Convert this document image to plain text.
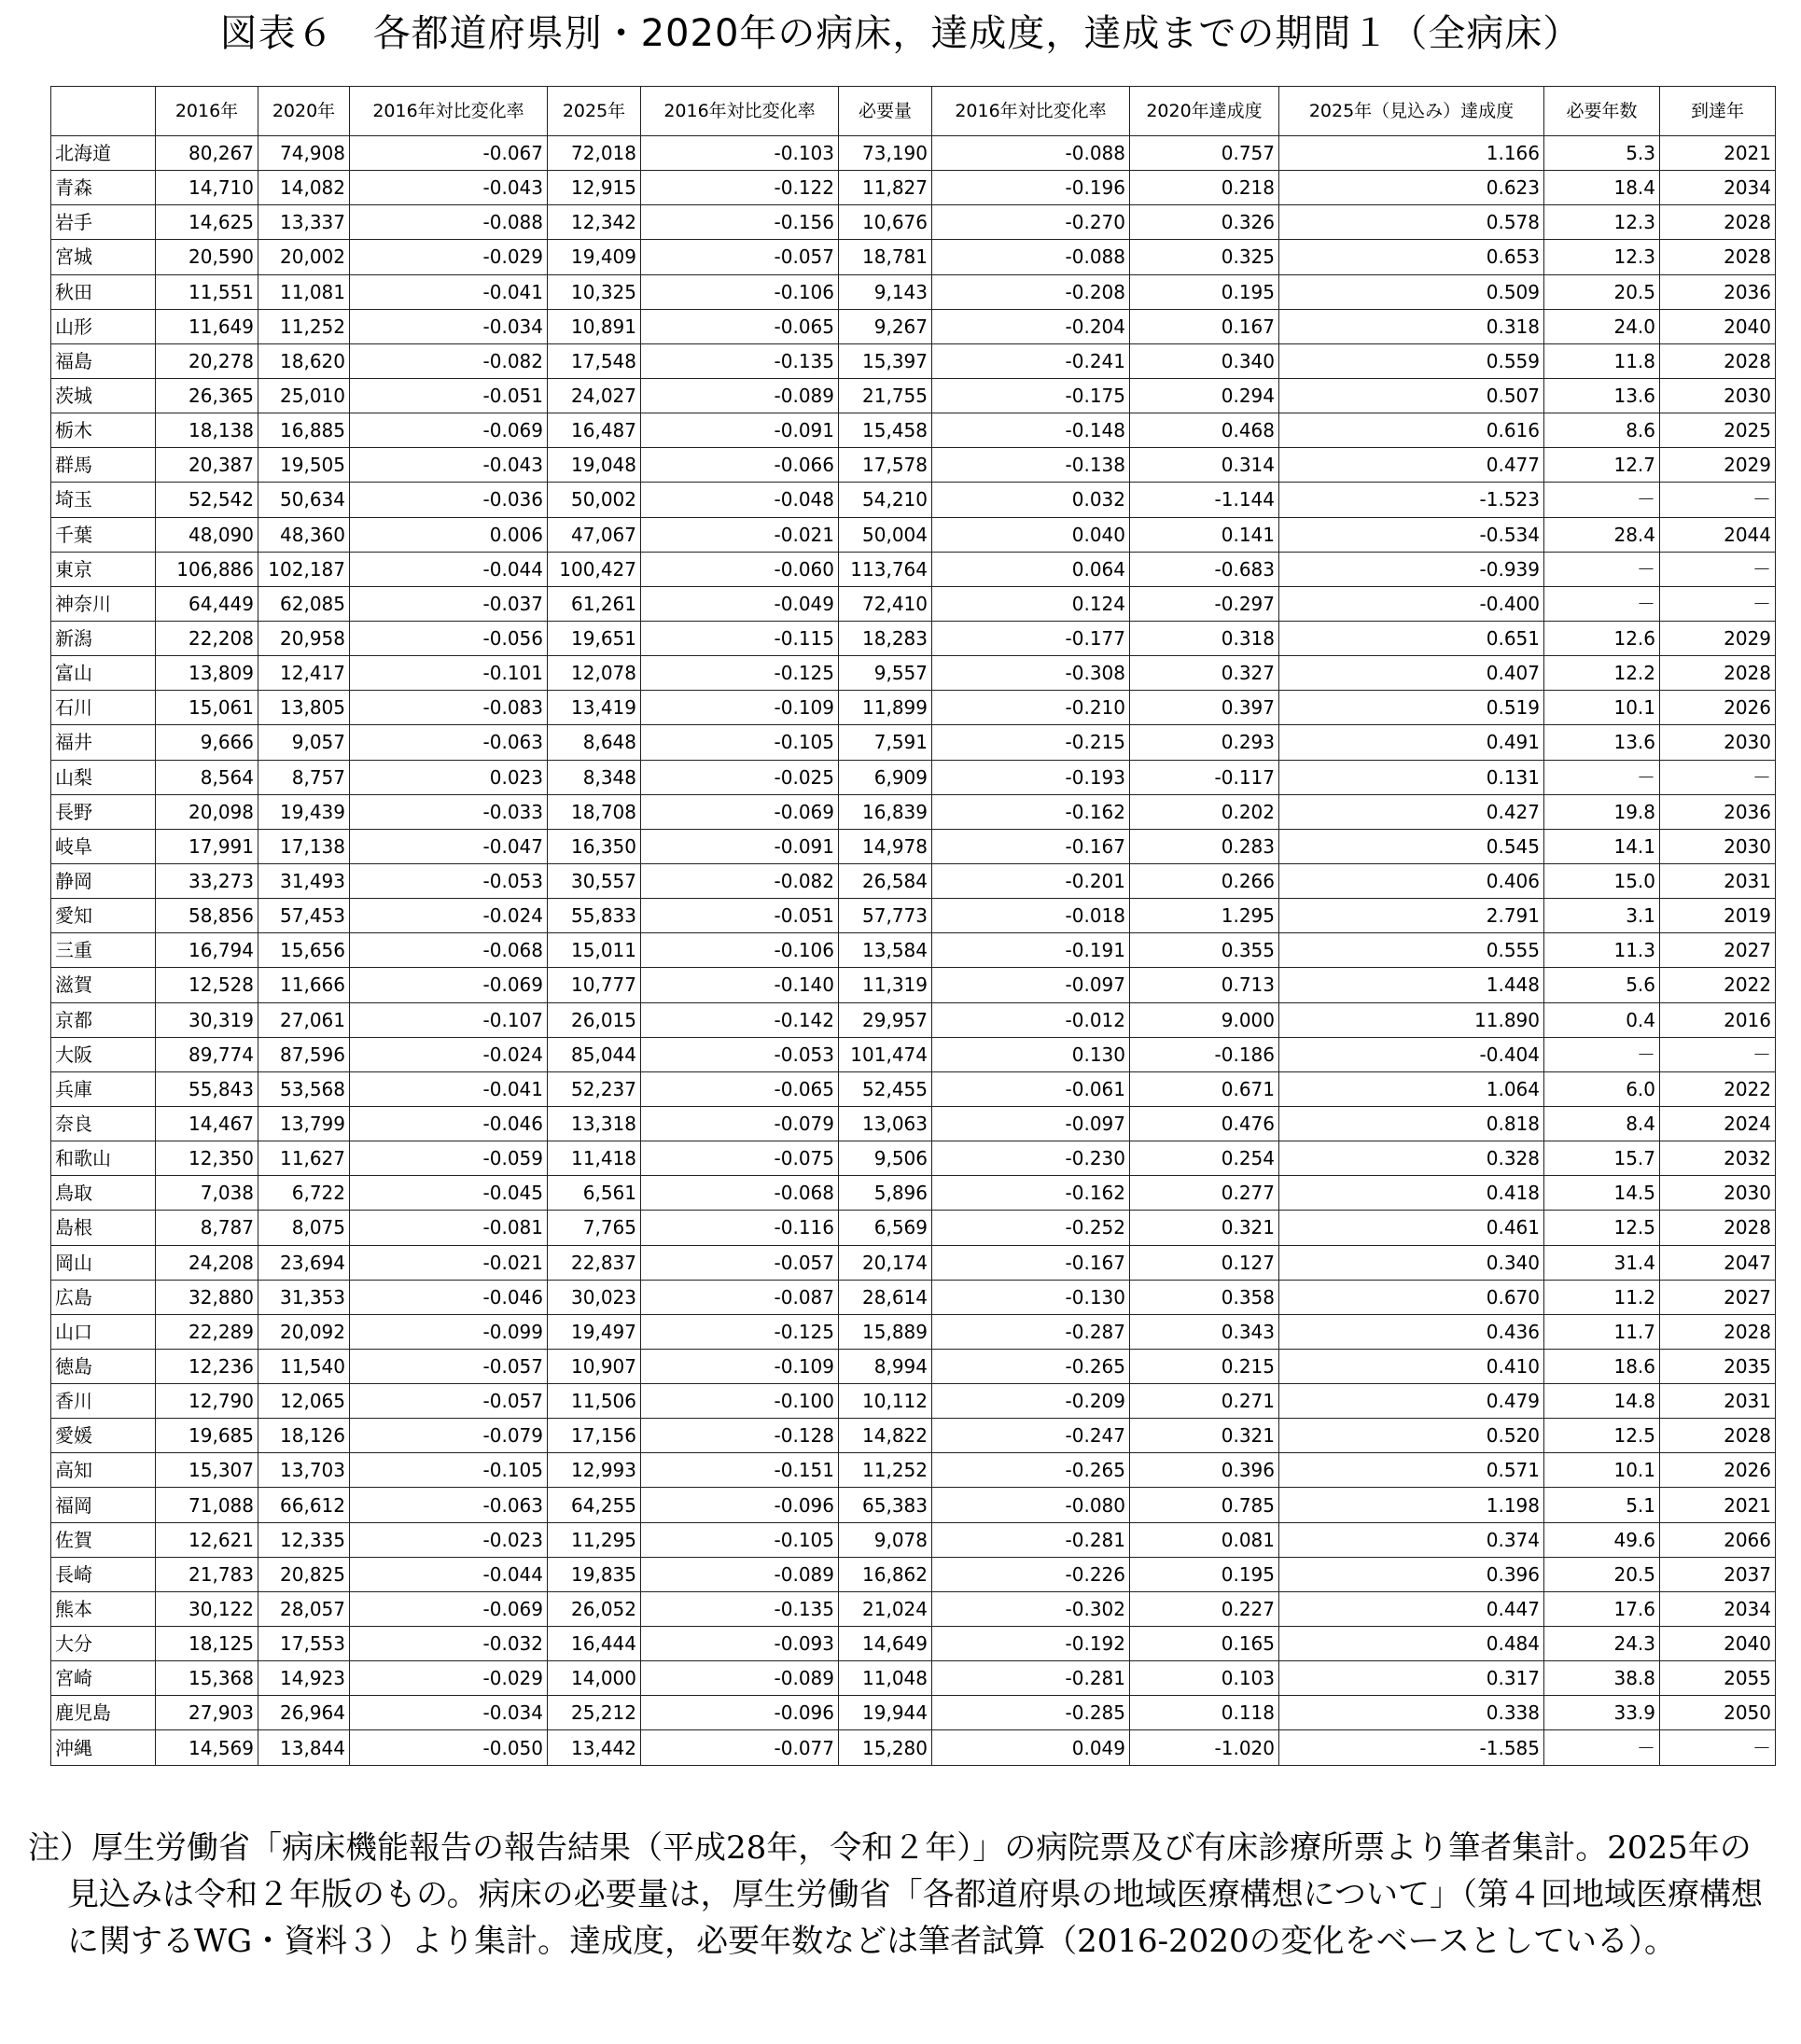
図表６　各都道府県別・2020年の病床，達成度，達成までの期間１（全病床）
	2016年	2020年	2016年対比変化率	2025年	2016年対比変化率	必要量	2016年対比変化率	2020年達成度	2025年（見込み）達成度	必要年数	到達年
北海道	80,267	74,908	-0.067	72,018	-0.103	73,190	-0.088	0.757	1.166	5.3	2021
青森	14,710	14,082	-0.043	12,915	-0.122	11,827	-0.196	0.218	0.623	18.4	2034
岩手	14,625	13,337	-0.088	12,342	-0.156	10,676	-0.270	0.326	0.578	12.3	2028
宮城	20,590	20,002	-0.029	19,409	-0.057	18,781	-0.088	0.325	0.653	12.3	2028
秋田	11,551	11,081	-0.041	10,325	-0.106	9,143	-0.208	0.195	0.509	20.5	2036
山形	11,649	11,252	-0.034	10,891	-0.065	9,267	-0.204	0.167	0.318	24.0	2040
福島	20,278	18,620	-0.082	17,548	-0.135	15,397	-0.241	0.340	0.559	11.8	2028
茨城	26,365	25,010	-0.051	24,027	-0.089	21,755	-0.175	0.294	0.507	13.6	2030
栃木	18,138	16,885	-0.069	16,487	-0.091	15,458	-0.148	0.468	0.616	8.6	2025
群馬	20,387	19,505	-0.043	19,048	-0.066	17,578	-0.138	0.314	0.477	12.7	2029
埼玉	52,542	50,634	-0.036	50,002	-0.048	54,210	0.032	-1.144	-1.523	－	－
千葉	48,090	48,360	0.006	47,067	-0.021	50,004	0.040	0.141	-0.534	28.4	2044
東京	106,886	102,187	-0.044	100,427	-0.060	113,764	0.064	-0.683	-0.939	－	－
神奈川	64,449	62,085	-0.037	61,261	-0.049	72,410	0.124	-0.297	-0.400	－	－
新潟	22,208	20,958	-0.056	19,651	-0.115	18,283	-0.177	0.318	0.651	12.6	2029
富山	13,809	12,417	-0.101	12,078	-0.125	9,557	-0.308	0.327	0.407	12.2	2028
石川	15,061	13,805	-0.083	13,419	-0.109	11,899	-0.210	0.397	0.519	10.1	2026
福井	9,666	9,057	-0.063	8,648	-0.105	7,591	-0.215	0.293	0.491	13.6	2030
山梨	8,564	8,757	0.023	8,348	-0.025	6,909	-0.193	-0.117	0.131	－	－
長野	20,098	19,439	-0.033	18,708	-0.069	16,839	-0.162	0.202	0.427	19.8	2036
岐阜	17,991	17,138	-0.047	16,350	-0.091	14,978	-0.167	0.283	0.545	14.1	2030
静岡	33,273	31,493	-0.053	30,557	-0.082	26,584	-0.201	0.266	0.406	15.0	2031
愛知	58,856	57,453	-0.024	55,833	-0.051	57,773	-0.018	1.295	2.791	3.1	2019
三重	16,794	15,656	-0.068	15,011	-0.106	13,584	-0.191	0.355	0.555	11.3	2027
滋賀	12,528	11,666	-0.069	10,777	-0.140	11,319	-0.097	0.713	1.448	5.6	2022
京都	30,319	27,061	-0.107	26,015	-0.142	29,957	-0.012	9.000	11.890	0.4	2016
大阪	89,774	87,596	-0.024	85,044	-0.053	101,474	0.130	-0.186	-0.404	－	－
兵庫	55,843	53,568	-0.041	52,237	-0.065	52,455	-0.061	0.671	1.064	6.0	2022
奈良	14,467	13,799	-0.046	13,318	-0.079	13,063	-0.097	0.476	0.818	8.4	2024
和歌山	12,350	11,627	-0.059	11,418	-0.075	9,506	-0.230	0.254	0.328	15.7	2032
鳥取	7,038	6,722	-0.045	6,561	-0.068	5,896	-0.162	0.277	0.418	14.5	2030
島根	8,787	8,075	-0.081	7,765	-0.116	6,569	-0.252	0.321	0.461	12.5	2028
岡山	24,208	23,694	-0.021	22,837	-0.057	20,174	-0.167	0.127	0.340	31.4	2047
広島	32,880	31,353	-0.046	30,023	-0.087	28,614	-0.130	0.358	0.670	11.2	2027
山口	22,289	20,092	-0.099	19,497	-0.125	15,889	-0.287	0.343	0.436	11.7	2028
徳島	12,236	11,540	-0.057	10,907	-0.109	8,994	-0.265	0.215	0.410	18.6	2035
香川	12,790	12,065	-0.057	11,506	-0.100	10,112	-0.209	0.271	0.479	14.8	2031
愛媛	19,685	18,126	-0.079	17,156	-0.128	14,822	-0.247	0.321	0.520	12.5	2028
高知	15,307	13,703	-0.105	12,993	-0.151	11,252	-0.265	0.396	0.571	10.1	2026
福岡	71,088	66,612	-0.063	64,255	-0.096	65,383	-0.080	0.785	1.198	5.1	2021
佐賀	12,621	12,335	-0.023	11,295	-0.105	9,078	-0.281	0.081	0.374	49.6	2066
長崎	21,783	20,825	-0.044	19,835	-0.089	16,862	-0.226	0.195	0.396	20.5	2037
熊本	30,122	28,057	-0.069	26,052	-0.135	21,024	-0.302	0.227	0.447	17.6	2034
大分	18,125	17,553	-0.032	16,444	-0.093	14,649	-0.192	0.165	0.484	24.3	2040
宮崎	15,368	14,923	-0.029	14,000	-0.089	11,048	-0.281	0.103	0.317	38.8	2055
鹿児島	27,903	26,964	-0.034	25,212	-0.096	19,944	-0.285	0.118	0.338	33.9	2050
沖縄	14,569	13,844	-0.050	13,442	-0.077	15,280	0.049	-1.020	-1.585	－	－

注）厚生労働省「病床機能報告の報告結果（平成28年，令和２年）」の病院票及び有床診療所票より筆者集計。2025年の見込みは令和２年版のもの。病床の必要量は，厚生労働省「各都道府県の地域医療構想について」（第４回地域医療構想に関するWG・資料３）より集計。達成度，必要年数などは筆者試算（2016-2020の変化をベースとしている）。
